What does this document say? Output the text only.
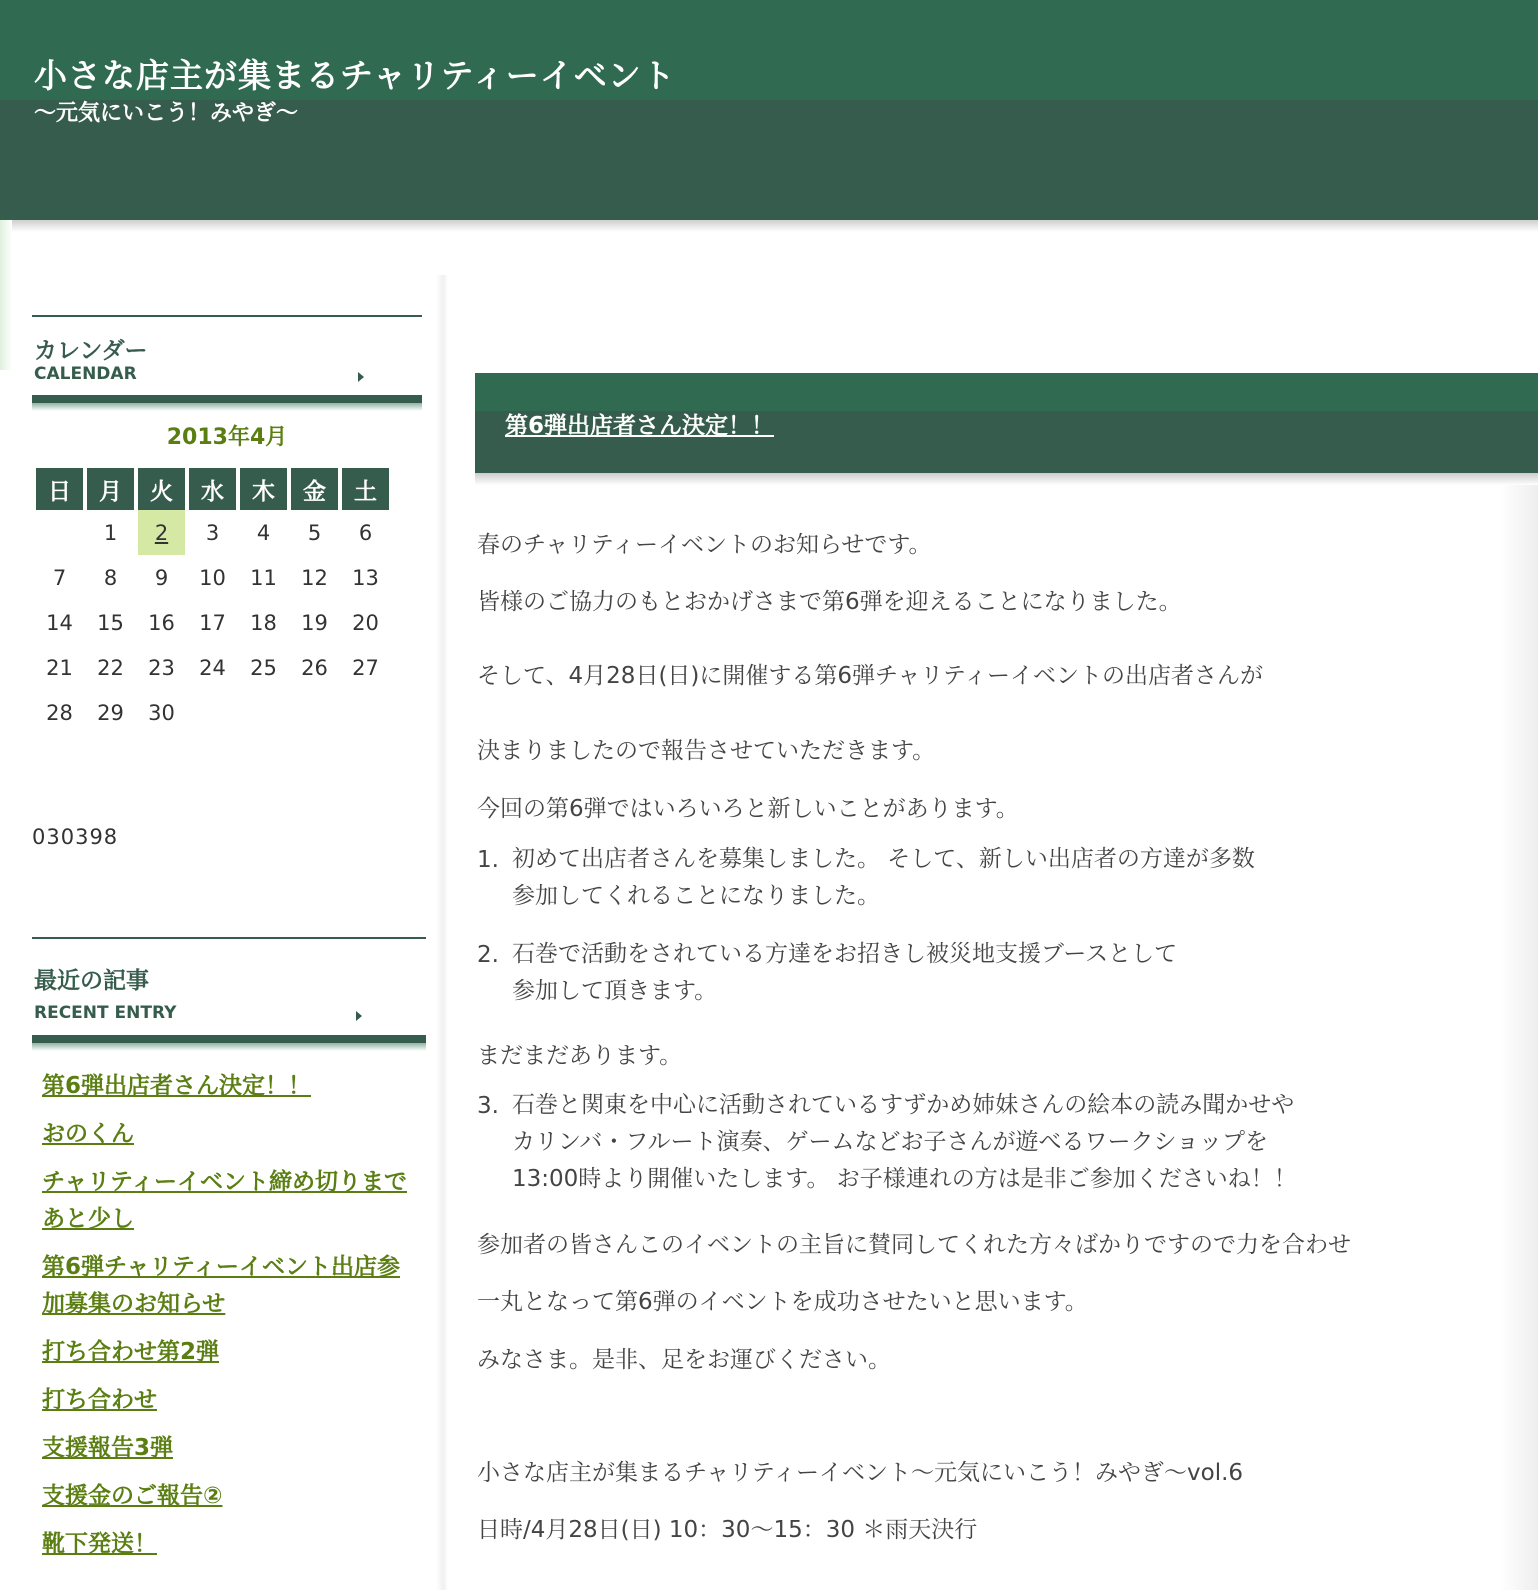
小さな店主が集まるチャリティーイベント
～元気にいこう！みやぎ～
カレンダー
CALENDAR
2013年4月
日	月	火	水	木	金	土
	1	2	3	4	5	6
7	8	9	10	11	12	13
14	15	16	17	18	19	20
21	22	23	24	25	26	27
28	29	30				
030398
最近の記事
RECENT ENTRY
第6弾出店者さん決定！！
おのくん
チャリティーイベント締め切りまであと少し
第6弾チャリティーイベント出店参加募集のお知らせ
打ち合わせ第2弾
打ち合わせ
支援報告3弾
支援金のご報告②
靴下発送！
第6弾出店者さん決定！！
春のチャリティーイベントのお知らせです。
皆様のご協力のもとおかげさまで第6弾を迎えることになりました。
そして、4月28日(日)に開催する第6弾チャリティーイベントの出店者さんが
決まりましたので報告させていただきます。
今回の第6弾ではいろいろと新しいことがあります。
1. 初めて出店者さんを募集しました。 そして、新しい出店者の方達が多数
参加してくれることになりました。
2. 石巻で活動をされている方達をお招きし被災地支援ブースとして
参加して頂きます。
まだまだあります。
3. 石巻と関東を中心に活動されているすずかめ姉妹さんの絵本の読み聞かせや
カリンバ・フルート演奏、ゲームなどお子さんが遊べるワークショップを
13:00時より開催いたします。 お子様連れの方は是非ご参加くださいね！！
参加者の皆さんこのイベントの主旨に賛同してくれた方々ばかりですので力を合わせ
一丸となって第6弾のイベントを成功させたいと思います。
みなさま。是非、足をお運びください。
小さな店主が集まるチャリティーイベント～元気にいこう！みやぎ～vol.6
日時/4月28日(日) 10：30～15：30 ＊雨天決行
